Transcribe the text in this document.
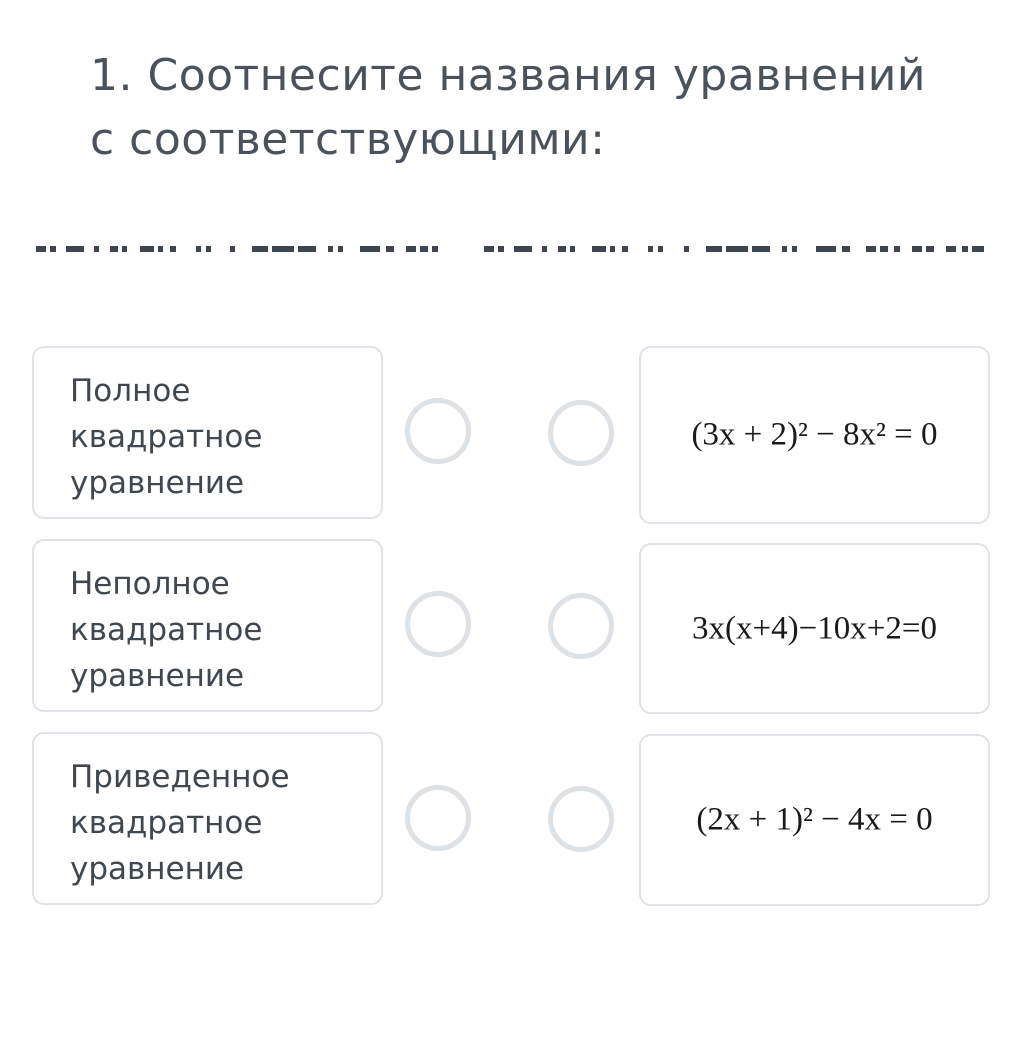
1. Соотнесите названия уравнений
с соответствующими:
Полное
квадратное
уравнение
(3x + 2)² − 8x² = 0
Неполное
квадратное
уравнение
3x(x+4)−10x+2=0
Приведенное
квадратное
уравнение
(2x + 1)² − 4x = 0
